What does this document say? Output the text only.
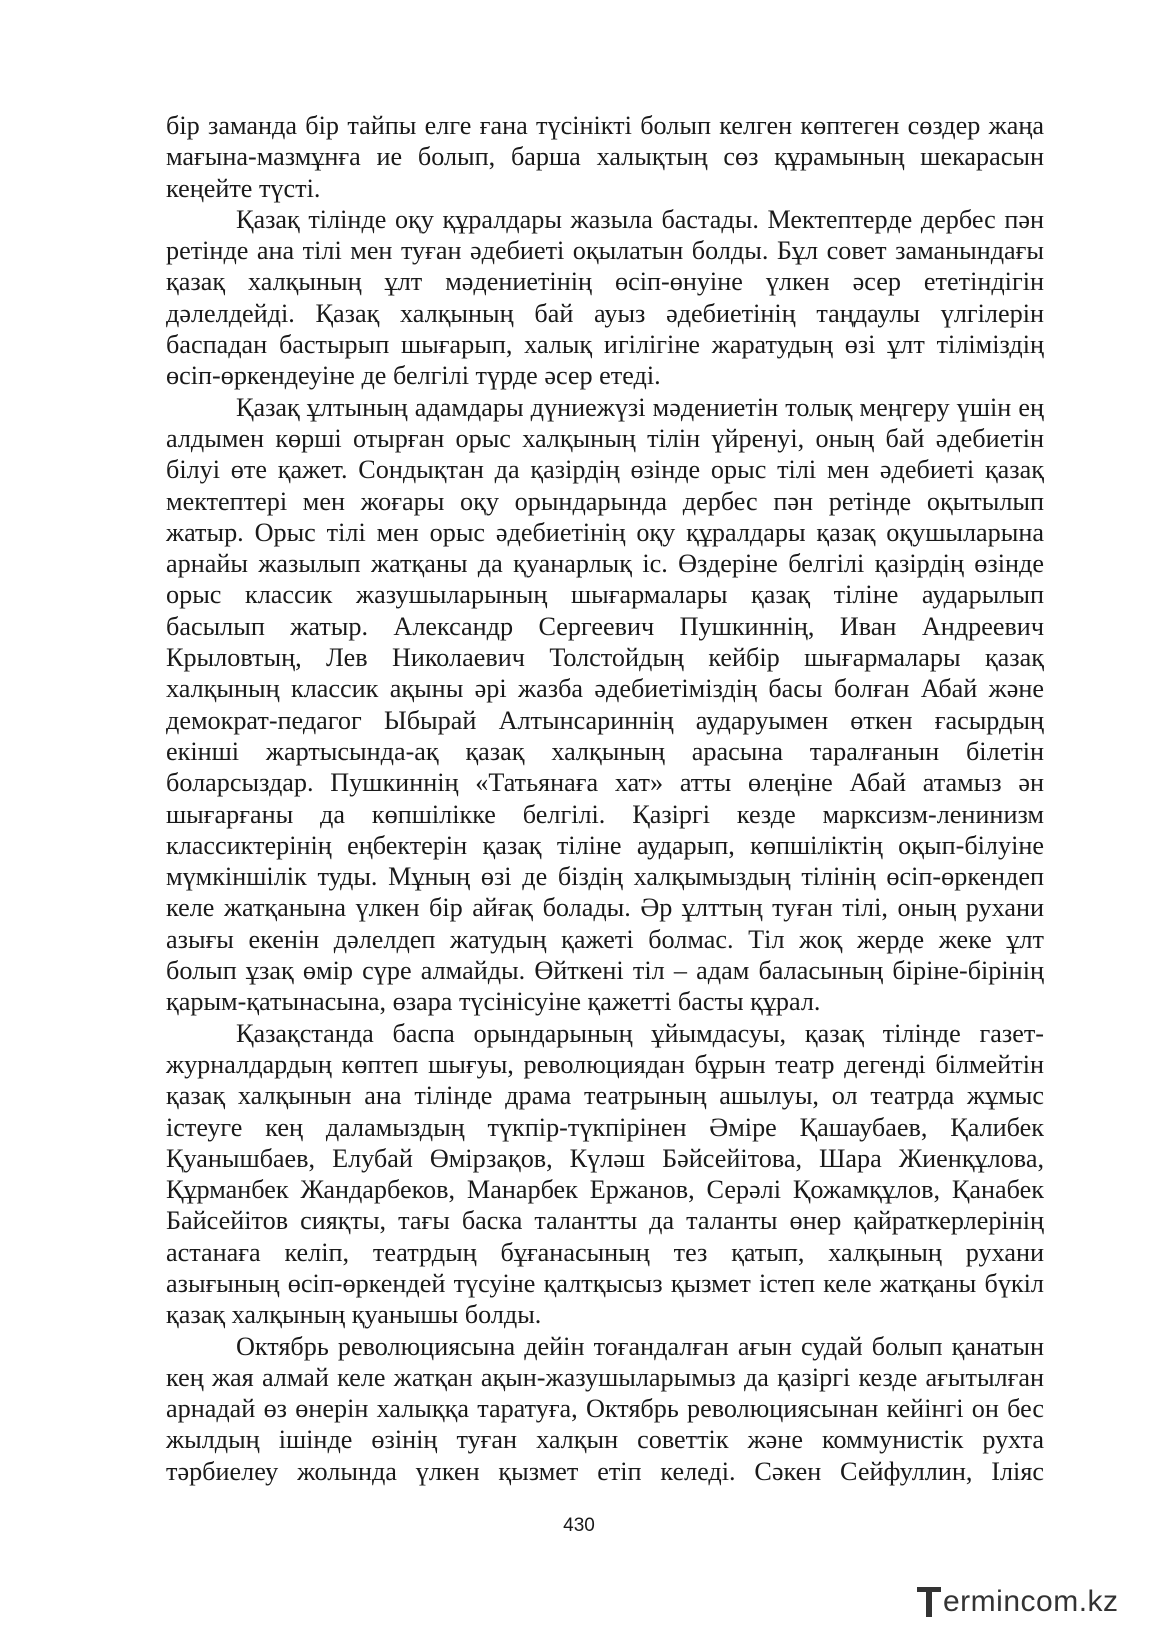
бір заманда бір тайпы елге ғана түсінікті болып келген көптеген сөздер жаңа
мағына-мазмұнға ие болып, барша халықтың сөз құрамының шекарасын
кеңейте түсті.
Қазақ тілінде оқу құралдары жазыла бастады. Мектептерде дербес пән
ретінде ана тілі мен туған әдебиеті оқылатын болды. Бұл совет заманындағы
қазақ халқының ұлт мәдениетінің өсіп-өнуіне үлкен әсер ететіндігін
дәлелдейді. Қазақ халқының бай ауыз әдебиетінің таңдаулы үлгілерін
баспадан бастырып шығарып, халық игілігіне жаратудың өзі ұлт тіліміздің
өсіп-өркендеуіне де белгілі түрде әсер етеді.
Қазақ ұлтының адамдары дүниежүзі мәдениетін толық меңгеру үшін ең
алдымен көрші отырған орыс халқының тілін үйренуі, оның бай әдебиетін
білуі өте қажет. Сондықтан да қазірдің өзінде орыс тілі мен әдебиеті қазақ
мектептері мен жоғары оқу орындарында дербес пән ретінде оқытылып
жатыр. Орыс тілі мен орыс әдебиетінің оқу құралдары қазақ оқушыларына
арнайы жазылып жатқаны да қуанарлық іс. Өздеріне белгілі қазірдің өзінде
орыс классик жазушыларының шығармалары қазақ тіліне аударылып
басылып жатыр. Александр Сергеевич Пушкиннің, Иван Андреевич
Крыловтың, Лев Николаевич Толстойдың кейбір шығармалары қазақ
халқының классик ақыны әрі жазба әдебиетіміздің басы болған Абай және
демократ-педагог Ыбырай Алтынсариннің аударуымен өткен ғасырдың
екінші жартысында-ақ қазақ халқының арасына таралғанын білетін
боларсыздар. Пушкиннің «Татьянаға хат» атты өлеңіне Абай атамыз ән
шығарғаны да көпшілікке белгілі. Қазіргі кезде марксизм-ленинизм
классиктерінің еңбектерін қазақ тіліне аударып, көпшіліктің оқып-білуіне
мүмкіншілік туды. Мұның өзі де біздің халқымыздың тілінің өсіп-өркендеп
келе жатқанына үлкен бір айғақ болады. Әр ұлттың туған тілі, оның рухани
азығы екенін дәлелдеп жатудың қажеті болмас. Тіл жоқ жерде жеке ұлт
болып ұзақ өмір сүре алмайды. Өйткені тіл – адам баласының біріне-бірінің
қарым-қатынасына, өзара түсінісуіне қажетті басты құрал.
Қазақстанда баспа орындарының ұйымдасуы, қазақ тілінде газет-
журналдардың көптеп шығуы, революциядан бұрын театр дегенді білмейтін
қазақ халқынын ана тілінде драма театрының ашылуы, ол театрда жұмыс
істеуге кең даламыздың түкпір-түкпірінен Әміре Қашаубаев, Қалибек
Қуанышбаев, Елубай Өмірзақов, Күләш Бәйсейітова, Шара Жиенқұлова,
Құрманбек Жандарбеков, Манарбек Ержанов, Серәлі Қожамқұлов, Қанабек
Байсейітов сияқты, тағы баска талантты да таланты өнер қайраткерлерінің
астанаға келіп, театрдың бұғанасының тез қатып, халқының рухани
азығының өсіп-өркендей түсуіне қалтқысыз қызмет істеп келе жатқаны бүкіл
қазақ халқының қуанышы болды.
Октябрь революциясына дейін тоғандалған ағын судай болып қанатын
кең жая алмай келе жатқан ақын-жазушыларымыз да қазіргі кезде ағытылған
арнадай өз өнерін халыққа таратуға, Октябрь революциясынан кейінгі он бес
жылдың ішінде өзінің туған халқын советтік және коммунистік рухта
тәрбиелеу жолында үлкен қызмет етіп келеді. Сәкен Сейфуллин, Іліяс
430
ermincom.kz
